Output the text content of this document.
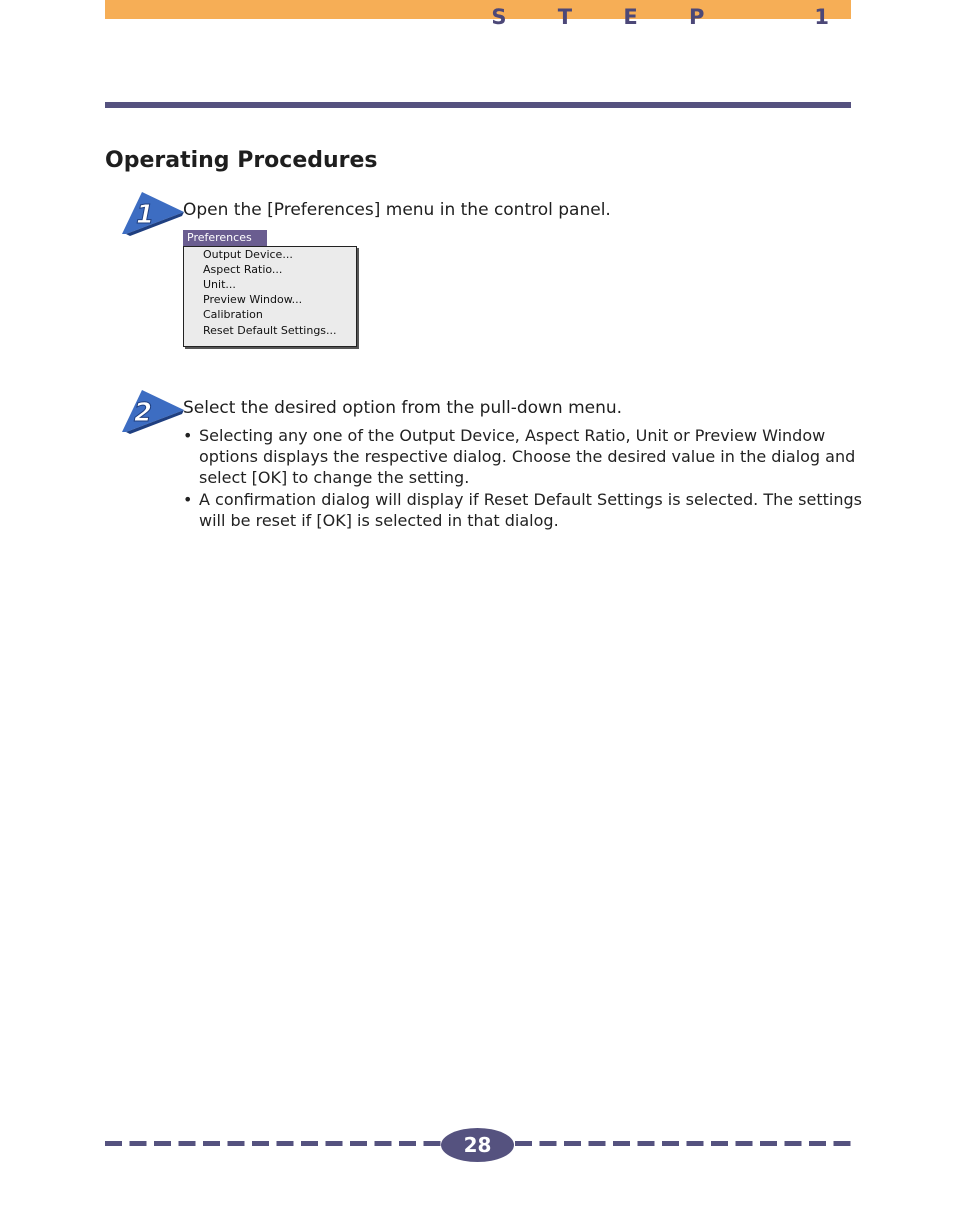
S T E P   1
Operating Procedures
1 Open the [Preferences] menu in the control panel.
Preferences
Output Device...
Aspect Ratio...
Unit...
Preview Window...
Calibration
Reset Default Settings...
2 Select the desired option from the pull-down menu.
• Selecting any one of the Output Device, Aspect Ratio, Unit or Preview Window options displays the respective dialog. Choose the desired value in the dialog and select [OK] to change the setting.
• A confirmation dialog will display if Reset Default Settings is selected. The settings will be reset if [OK] is selected in that dialog.
28
